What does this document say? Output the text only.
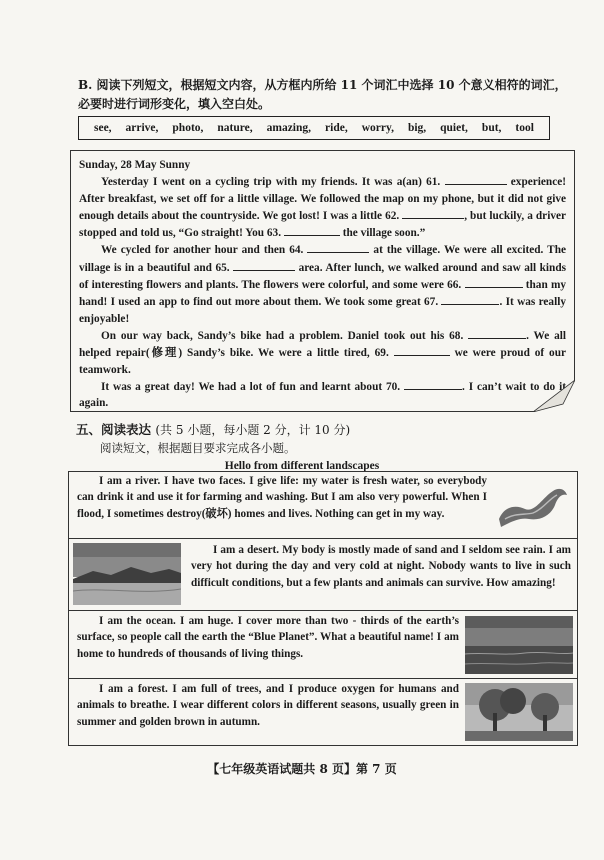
B. 阅读下列短文，根据短文内容，从方框内所给 11 个词汇中选择 10 个意义相符的词汇，

必要时进行词形变化，填入空白处。

see, arrive, photo, nature, amazing, ride, worry, big, quiet, but, tool

Sunday, 28 May Sunny

Yesterday I went on a cycling trip with my friends. It was a(an) 61.	experience! After breakfast, we set off for a little village. We followed the map on my phone, but it did not give enough details about the countryside. We got lost! I was a little 62.	, but luckily, a driver stopped and told us, “Go straight! You 63.	the village soon.”

We cycled for another hour and then 64.	at the village. We were all excited. The village is in a beautiful and 65.	area. After lunch, we walked around and saw all kinds of interesting flowers and plants. The flowers were colorful, and some were 66.	than my hand! I used an app to find out more about them. We took some great 67.	. It was really enjoyable!

On our way back, Sandy’s bike had a problem. Daniel took out his 68.	. We all helped repair(修理) Sandy’s bike. We were a little tired, 69.	we were proud of our teamwork.

It was a great day! We had a lot of fun and learnt about 70.	. I can’t wait to do it again.

五、阅读表达 (共 5 小题，每小题 2 分，计 10 分)
阅读短文，根据题目要求完成各小题。
Hello from different landscapes
I am a river. I have two faces. I give life: my water is fresh water, so everybody can drink it and use it for farming and washing. But I am also very powerful. When I flood, I sometimes destroy(破坏) homes and lives. Nothing can get in my way.
I am a desert. My body is mostly made of sand and I seldom see rain. I am very hot during the day and very cold at night. Nobody wants to live in such difficult conditions, but a few plants and animals can survive. How amazing!
I am the ocean. I am huge. I cover more than two - thirds of the earth’s surface, so people call the earth the “Blue Planet”. What a beautiful name! I am home to hundreds of thousands of living things.
I am a forest. I am full of trees, and I produce oxygen for humans and animals to breathe. I wear different colors in different seasons, usually green in summer and golden brown in autumn.
【七年级英语试题共 8 页】第 7 页
